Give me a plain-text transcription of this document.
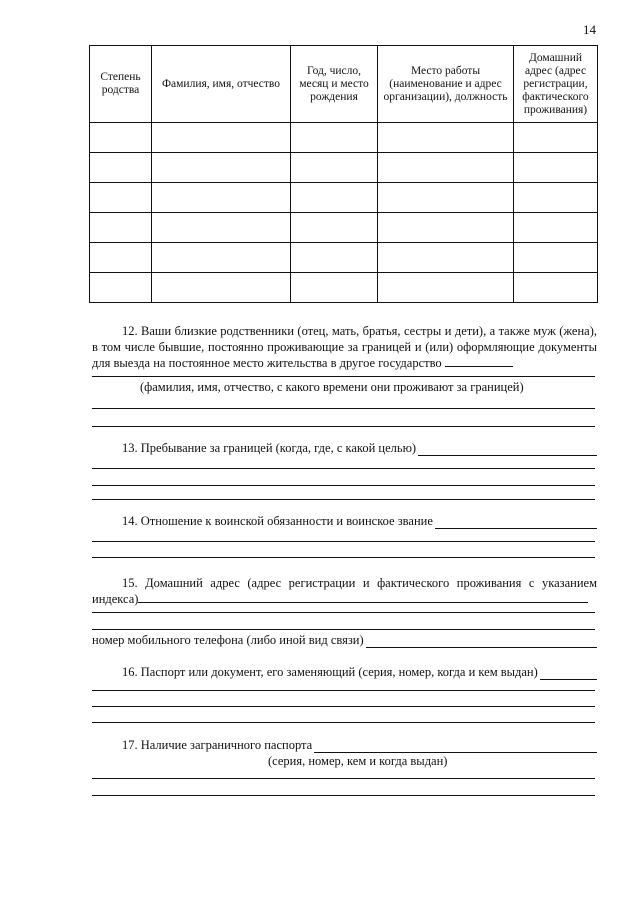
14
Степень родства	Фамилия, имя, отчество	Год, число, месяц и место рождения	Место работы (наименование и адрес организации), должность	Домашний адрес (адрес регистрации, фактического проживания)

12. Ваши близкие родственники (отец, мать, братья, сестры и дети), а также муж (жена), в том числе бывшие, постоянно проживающие за границей и (или) оформляющие документы для выезда на постоянное место жительства в другое государство
(фамилия, имя, отчество, с какого времени они проживают за границей)
13. Пребывание за границей (когда, где, с какой целью)
14. Отношение к воинской обязанности и воинское звание
15. Домашний адрес (адрес регистрации и фактического проживания с указанием индекса)
номер мобильного телефона (либо иной вид связи)
16. Паспорт или документ, его заменяющий (серия, номер, когда и кем выдан)
17. Наличие заграничного паспорта
(серия, номер, кем и когда выдан)
